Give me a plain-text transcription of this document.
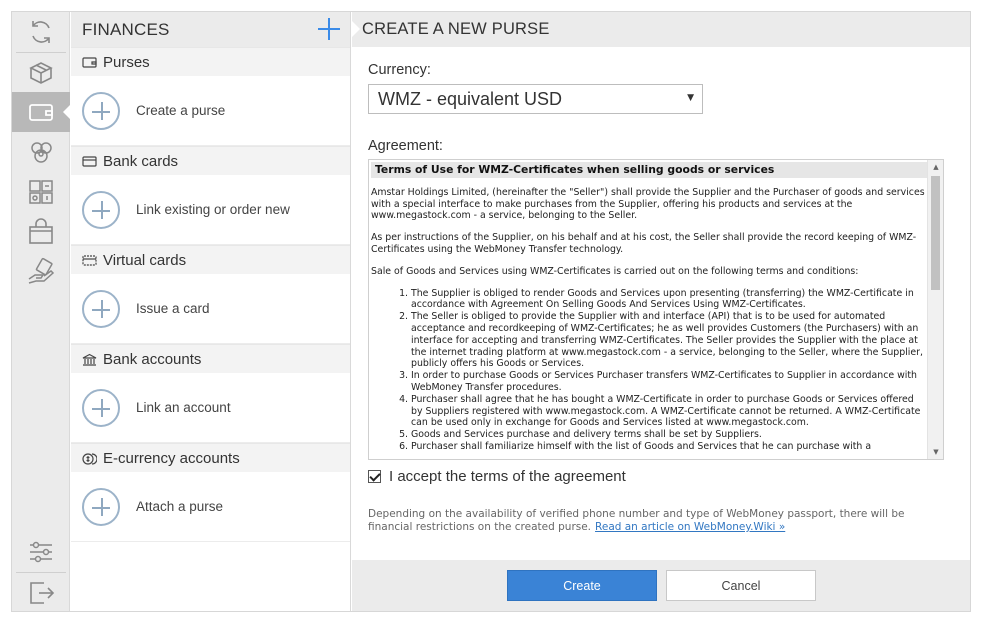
FINANCES
Purses
Create a purse
Bank cards
Link existing or order new
Virtual cards
Issue a card
Bank accounts
Link an account
E-currency accounts
Attach a purse
CREATE A NEW PURSE
Currency:
WMZ - equivalent USD	▼
Agreement:
Terms of Use for WMZ-Certificates when selling goods or services

Amstar Holdings Limited, (hereinafter the "Seller") shall provide the Supplier and the Purchaser of goods and services with a special interface to make purchases from the Supplier, offering his products and services at the www.megastock.com - a service, belonging to the Seller.

As per instructions of the Supplier, on his behalf and at his cost, the Seller shall provide the record keeping of WMZ-Certificates using the WebMoney Transfer technology.

Sale of Goods and Services using WMZ-Certificates is carried out on the following terms and conditions:

1. The Supplier is obliged to render Goods and Services upon presenting (transferring) the WMZ-Certificate in accordance with Agreement On Selling Goods And Services Using WMZ-Certificates.
2. The Seller is obliged to provide the Supplier with and interface (API) that is to be used for automated acceptance and recordkeeping of WMZ-Certificates; he as well provides Customers (the Purchasers) with an interface for accepting and transferring WMZ-Certificates. The Seller provides the Supplier with the place at the internet trading platform at www.megastock.com - a service, belonging to the Seller, where the Supplier, publicly offers his Goods or Services.
3. In order to purchase Goods or Services Purchaser transfers WMZ-Certificates to Supplier in accordance with WebMoney Transfer procedures.
4. Purchaser shall agree that he has bought a WMZ-Certificate in order to purchase Goods or Services offered by Suppliers registered with www.megastock.com. A WMZ-Certificate cannot be returned. A WMZ-Certificate can be used only in exchange for Goods and Services listed at www.megastock.com.
5. Goods and Services purchase and delivery terms shall be set by Suppliers.
6. Purchaser shall familiarize himself with the list of Goods and Services that he can purchase with a
▲
▼
I accept the terms of the agreement
Depending on the availability of verified phone number and type of WebMoney passport, there will be financial restrictions on the created purse. Read an article on WebMoney.Wiki »
Create	Cancel
